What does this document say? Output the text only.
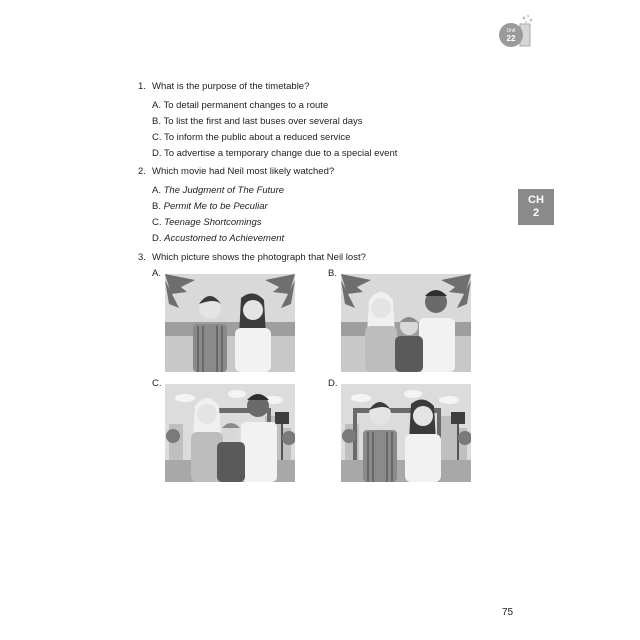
Unit
22
CH
2
1. What is the purpose of the timetable?
A. To detail permanent changes to a route
B. To list the first and last buses over several days
C. To inform the public about a reduced service
D. To advertise a temporary change due to a special event
2. Which movie had Neil most likely watched?
A. The Judgment of The Future
B. Permit Me to be Peculiar
C. Teenage Shortcomings
D. Accustomed to Achievement
3. Which picture shows the photograph that Neil lost?
A.	B.
C.	D.
75
